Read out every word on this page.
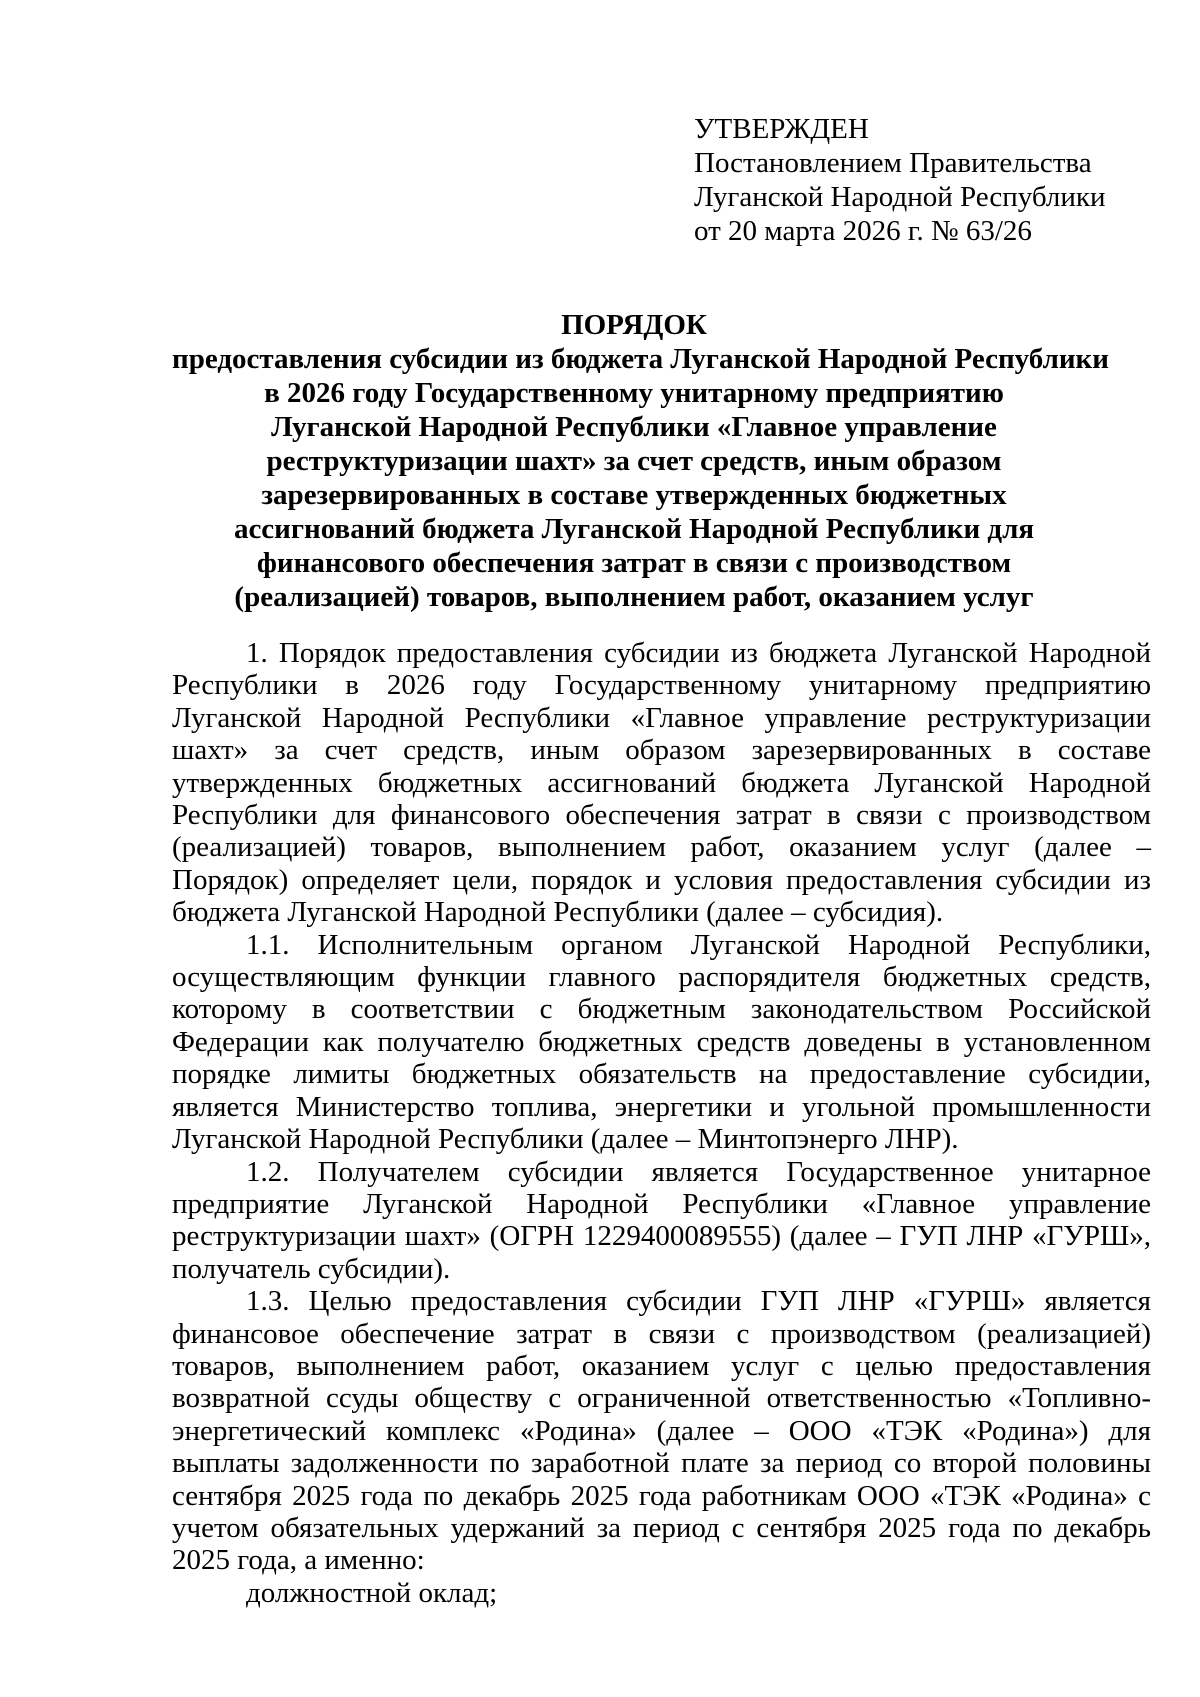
УТВЕРЖДЕН
Постановлением Правительства
Луганской Народной Республики
от 20 марта 2026 г. № 63/26
ПОРЯДОК
предоставления субсидии из бюджета Луганской Народной Республики
в 2026 году Государственному унитарному предприятию
Луганской Народной Республики «Главное управление
реструктуризации шахт» за счет средств, иным образом
зарезервированных в составе утвержденных бюджетных
ассигнований бюджета Луганской Народной Республики для
финансового обеспечения затрат в связи с производством
(реализацией) товаров, выполнением работ, оказанием услуг

1. Порядок предоставления субсидии из бюджета Луганской Народной Республики в 2026 году Государственному унитарному предприятию Луганской Народной Республики «Главное управление реструктуризации шахт» за счет средств, иным образом зарезервированных в составе утвержденных бюджетных ассигнований бюджета Луганской Народной Республики для финансового обеспечения затрат в связи с производством (реализацией) товаров, выполнением работ, оказанием услуг (далее – Порядок) определяет цели, порядок и условия предоставления субсидии из бюджета Луганской Народной Республики (далее – субсидия).

1.1. Исполнительным органом Луганской Народной Республики, осуществляющим функции главного распорядителя бюджетных средств, которому в соответствии с бюджетным законодательством Российской Федерации как получателю бюджетных средств доведены в установленном порядке лимиты бюджетных обязательств на предоставление субсидии, является Министерство топлива, энергетики и угольной промышленности Луганской Народной Республики (далее – Минтопэнерго ЛНР).

1.2. Получателем субсидии является Государственное унитарное предприятие Луганской Народной Республики «Главное управление реструктуризации шахт» (ОГРН 1229400089555) (далее – ГУП ЛНР «ГУРШ», получатель субсидии).

1.3. Целью предоставления субсидии ГУП ЛНР «ГУРШ» является финансовое обеспечение затрат в связи с производством (реализацией) товаров, выполнением работ, оказанием услуг с целью предоставления возвратной ссуды обществу с ограниченной ответственностью «Топливно-энергетический комплекс «Родина» (далее – ООО «ТЭК «Родина») для выплаты задолженности по заработной плате за период со второй половины сентября 2025 года по декабрь 2025 года работникам ООО «ТЭК «Родина» с учетом обязательных удержаний за период с сентября 2025 года по декабрь 2025 года, а именно:

должностной оклад;
